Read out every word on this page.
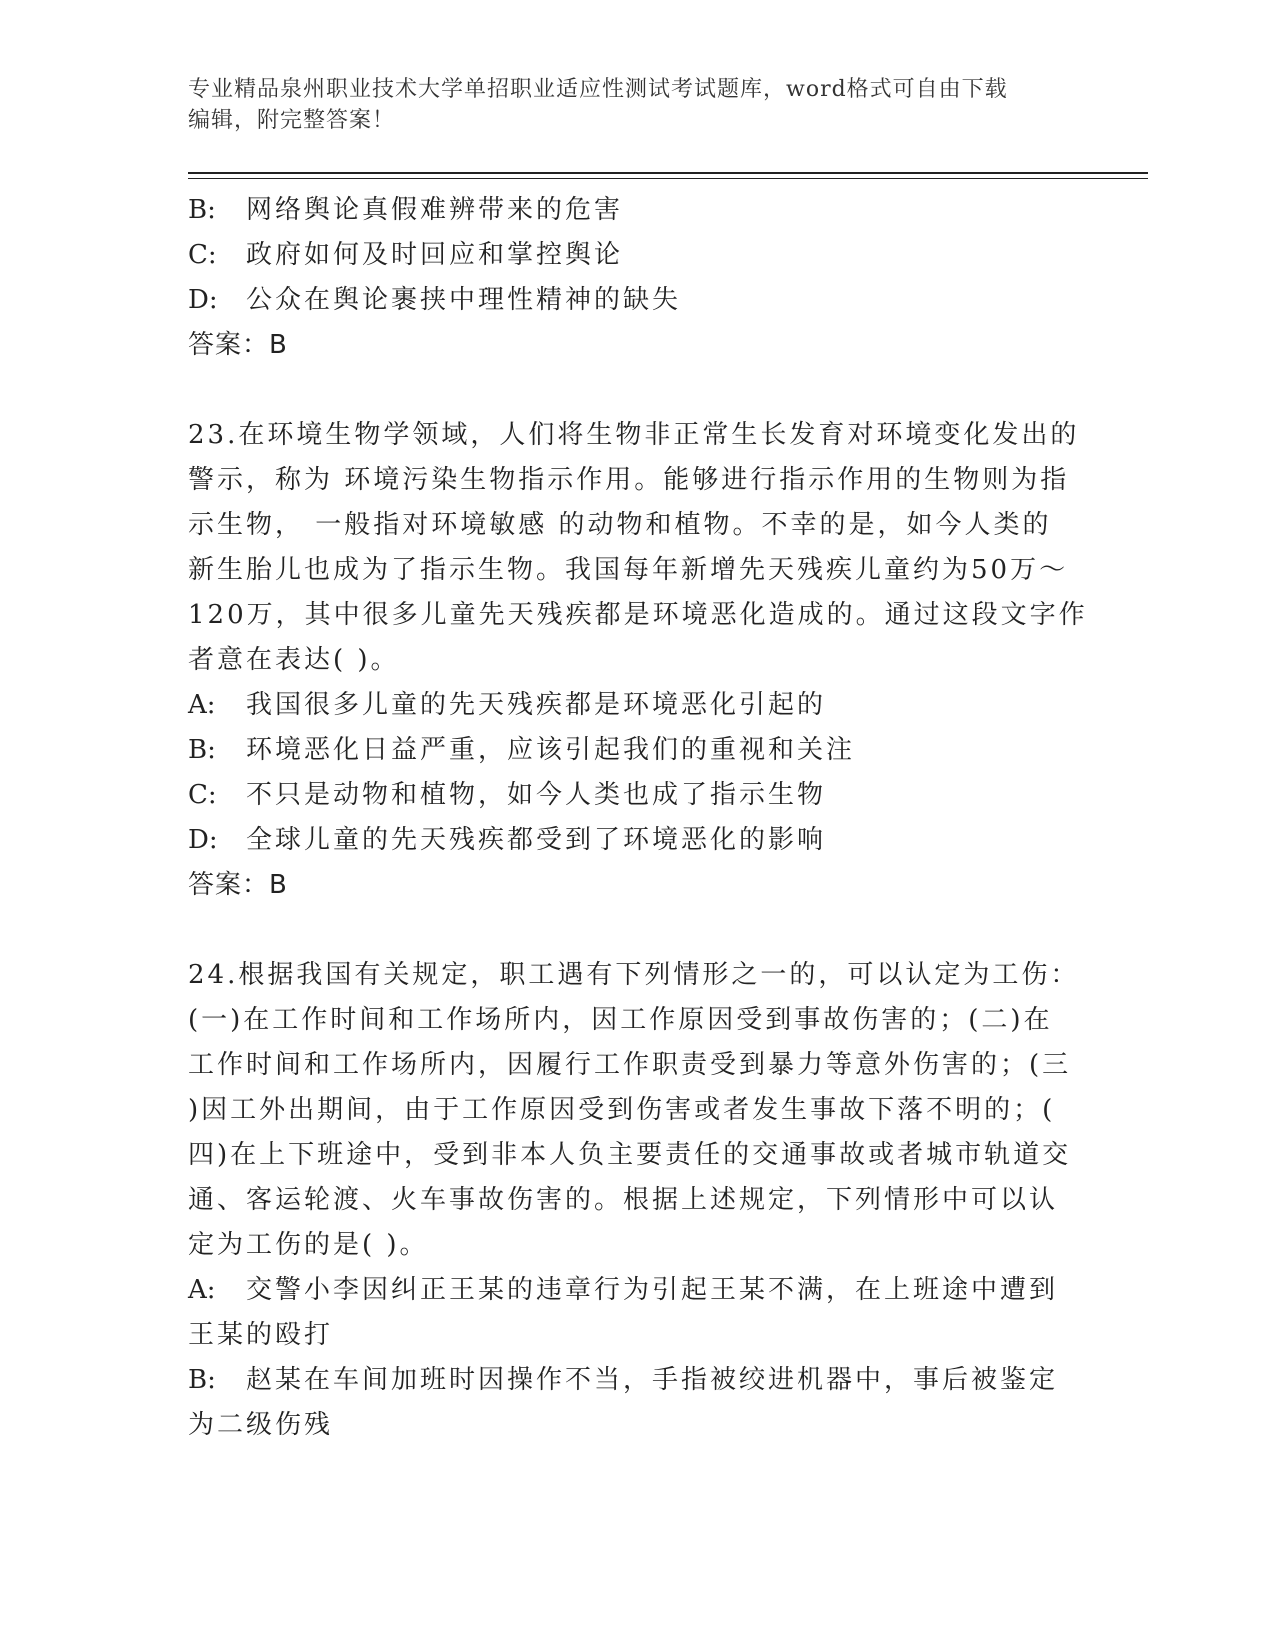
专业精品泉州职业技术大学单招职业适应性测试考试题库，word格式可自由下载
编辑，附完整答案！
B:	网络舆论真假难辨带来的危害
C:	政府如何及时回应和掌控舆论
D:	公众在舆论裹挟中理性精神的缺失
答案：B

23.在环境生物学领域，人们将生物非正常生长发育对环境变化发出的

警示，称为 环境污染生物指示作用。能够进行指示作用的生物则为指

示生物， 一般指对环境敏感 的动物和植物。不幸的是，如今人类的

新生胎儿也成为了指示生物。我国每年新增先天残疾儿童约为50万～

120万，其中很多儿童先天残疾都是环境恶化造成的。通过这段文字作

者意在表达( )。

A:	我国很多儿童的先天残疾都是环境恶化引起的
B:	环境恶化日益严重，应该引起我们的重视和关注
C:	不只是动物和植物，如今人类也成了指示生物
D:	全球儿童的先天残疾都受到了环境恶化的影响
答案：B

24.根据我国有关规定，职工遇有下列情形之一的，可以认定为工伤：

(一)在工作时间和工作场所内，因工作原因受到事故伤害的；(二)在

工作时间和工作场所内，因履行工作职责受到暴力等意外伤害的；(三

)因工外出期间，由于工作原因受到伤害或者发生事故下落不明的；(

四)在上下班途中，受到非本人负主要责任的交通事故或者城市轨道交

通、客运轮渡、火车事故伤害的。根据上述规定，下列情形中可以认

定为工伤的是( )。

A: 交警小李因纠正王某的违章行为引起王某不满，在上班途中遭到
王某的殴打
B: 赵某在车间加班时因操作不当，手指被绞进机器中，事后被鉴定
为二级伤残
